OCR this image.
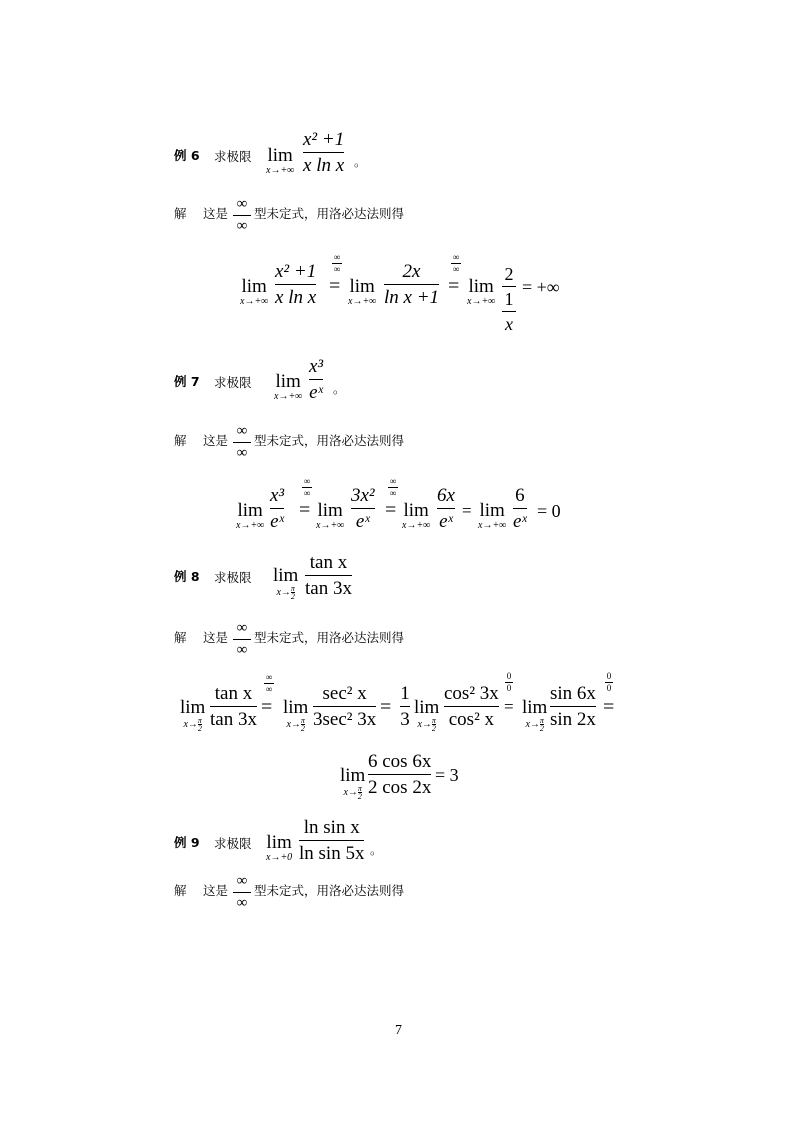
例 6 求极限 lim
x→+∞
x² +1
x ln x 。
解 这是
∞
∞
型未定式，用洛必达法则得
lim
x→+∞
x² +1
x ln x
∞
∞
= lim
x→+∞
2x
ln x +1
∞
∞
= lim
x→+∞
2
1
x
= +∞
例 7 求极限 lim
x→+∞
x³
eˣ 。
解 这是
∞
∞
型未定式，用洛必达法则得
lim
x→+∞
x³
eˣ
∞
∞
= lim
x→+∞
3x²
eˣ
∞
∞
= lim
x→+∞
6x
eˣ
= lim
x→+∞
6
eˣ = 0
例 8 求极限 lim
$x\to \frac{\pi}{2}$
tan x
tan 3x
解 这是
∞
∞
型未定式，用洛必达法则得
lim
$x\to \frac{\pi}{2}$
tan x
tan 3x
∞
∞
= lim
$x\to \frac{\pi}{2}$
sec² x
3sec² 3x
=
1
3
lim
$x\to \frac{\pi}{2}$
cos² 3x
cos² x
0
0
= lim
$x\to \frac{\pi}{2}$
sin 6x
sin 2x
0
0
=
lim
$x\to \frac{\pi}{2}$
6 cos 6x
2 cos 2x
= 3
例 9 求极限 lim
x→+0
ln sin x
ln sin 5x 。
解 这是
∞
∞
型未定式，用洛必达法则得
7
